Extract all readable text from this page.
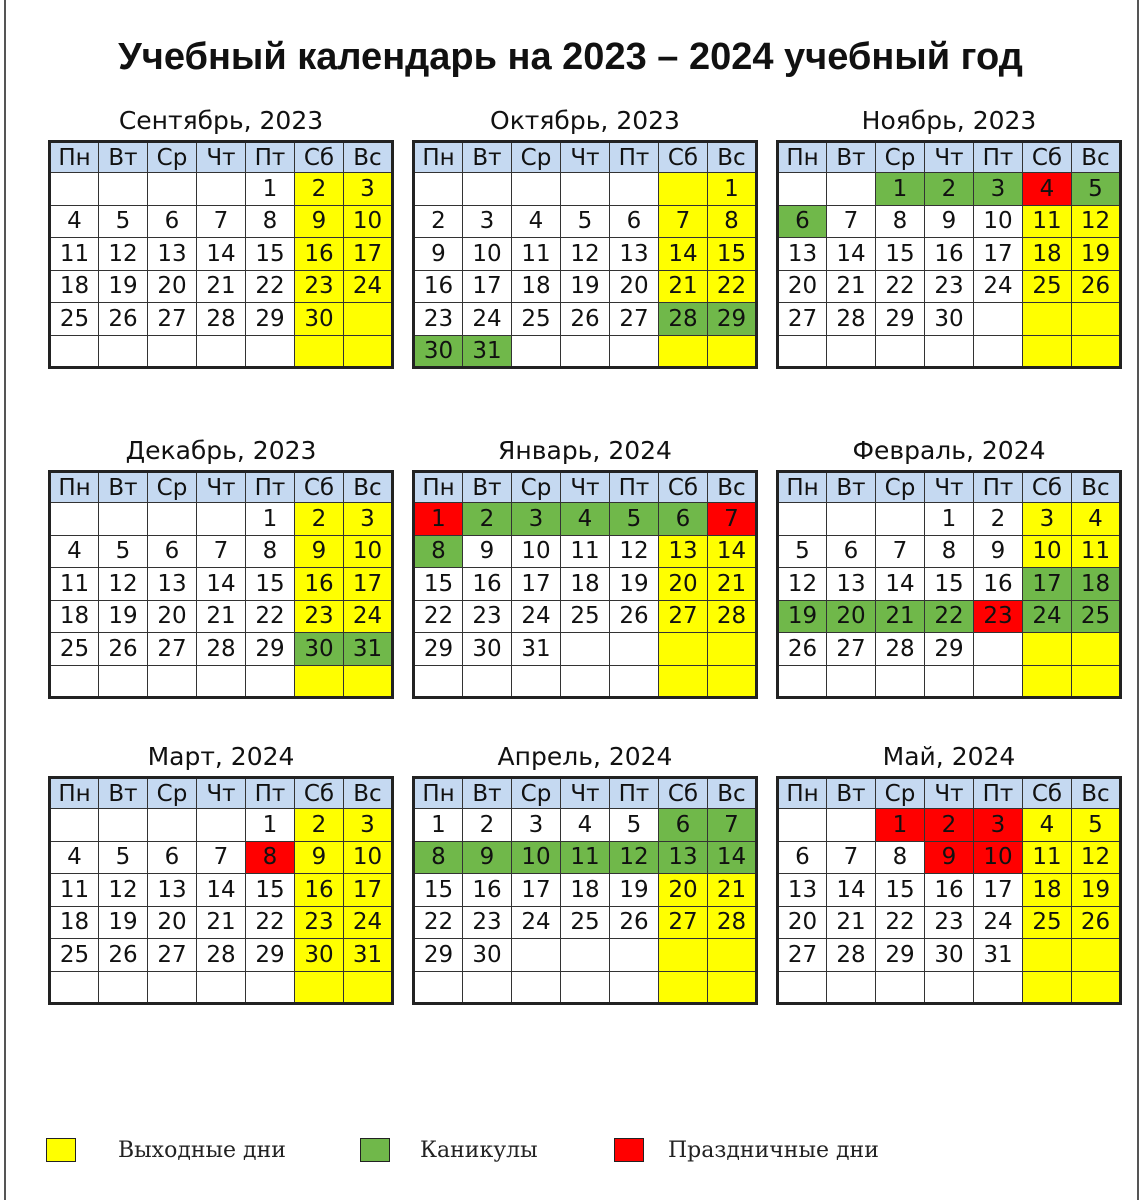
Учебный календарь на 2023 – 2024 учебный год
Сентябрь, 2023
Пн	Вт	Ср	Чт	Пт	Сб	Вс
				1	2	3
4	5	6	7	8	9	10
11	12	13	14	15	16	17
18	19	20	21	22	23	24
25	26	27	28	29	30	

Октябрь, 2023
Пн	Вт	Ср	Чт	Пт	Сб	Вс
						1
2	3	4	5	6	7	8
9	10	11	12	13	14	15
16	17	18	19	20	21	22
23	24	25	26	27	28	29
30	31					
Ноябрь, 2023
Пн	Вт	Ср	Чт	Пт	Сб	Вс
		1	2	3	4	5
6	7	8	9	10	11	12
13	14	15	16	17	18	19
20	21	22	23	24	25	26
27	28	29	30			

Декабрь, 2023
Пн	Вт	Ср	Чт	Пт	Сб	Вс
				1	2	3
4	5	6	7	8	9	10
11	12	13	14	15	16	17
18	19	20	21	22	23	24
25	26	27	28	29	30	31

Январь, 2024
Пн	Вт	Ср	Чт	Пт	Сб	Вс
1	2	3	4	5	6	7
8	9	10	11	12	13	14
15	16	17	18	19	20	21
22	23	24	25	26	27	28
29	30	31				

Февраль, 2024
Пн	Вт	Ср	Чт	Пт	Сб	Вс
			1	2	3	4
5	6	7	8	9	10	11
12	13	14	15	16	17	18
19	20	21	22	23	24	25
26	27	28	29			

Март, 2024
Пн	Вт	Ср	Чт	Пт	Сб	Вс
				1	2	3
4	5	6	7	8	9	10
11	12	13	14	15	16	17
18	19	20	21	22	23	24
25	26	27	28	29	30	31

Апрель, 2024
Пн	Вт	Ср	Чт	Пт	Сб	Вс
1	2	3	4	5	6	7
8	9	10	11	12	13	14
15	16	17	18	19	20	21
22	23	24	25	26	27	28
29	30					

Май, 2024
Пн	Вт	Ср	Чт	Пт	Сб	Вс
		1	2	3	4	5
6	7	8	9	10	11	12
13	14	15	16	17	18	19
20	21	22	23	24	25	26
27	28	29	30	31		

Выходные дни	Каникулы	Праздничные дни
